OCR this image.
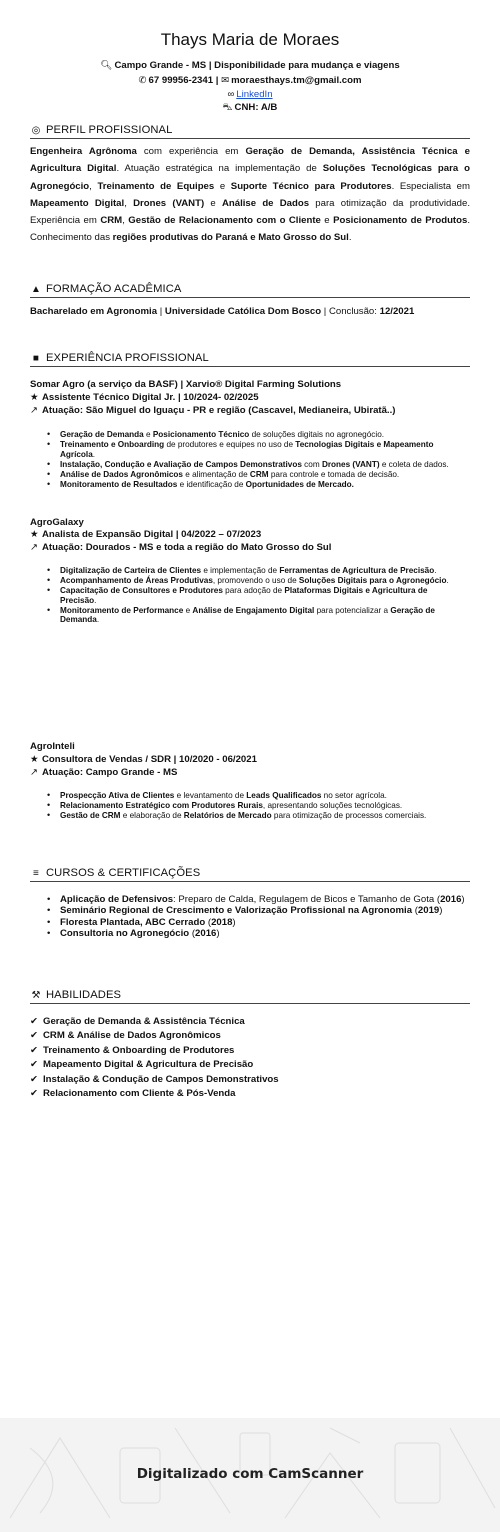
Thays Maria de Moraes
🔍︎ Campo Grande - MS | Disponibilidade para mudança e viagens
✆ 67 99956-2341 | ✉ moraesthays.tm@gmail.com
∞ LinkedIn
⛍ CNH: A/B
◎ PERFIL PROFISSIONAL
Engenheira Agrônoma com experiência em Geração de Demanda, Assistência Técnica e Agricultura Digital. Atuação estratégica na implementação de Soluções Tecnológicas para o Agronegócio, Treinamento de Equipes e Suporte Técnico para Produtores. Especialista em Mapeamento Digital, Drones (VANT) e Análise de Dados para otimização da produtividade. Experiência em CRM, Gestão de Relacionamento com o Cliente e Posicionamento de Produtos. Conhecimento das regiões produtivas do Paraná e Mato Grosso do Sul.
▲ FORMAÇÃO ACADÊMICA
Bacharelado em Agronomia | Universidade Católica Dom Bosco | Conclusão: 12/2021
■ EXPERIÊNCIA PROFISSIONAL
Somar Agro (a serviço da BASF) | Xarvio® Digital Farming Solutions
★ Assistente Técnico Digital Jr. | 10/2024- 02/2025
↗ Atuação: São Miguel do Iguaçu - PR e região (Cascavel, Medianeira, Ubiratã..)
• Geração de Demanda e Posicionamento Técnico de soluções digitais no agronegócio.
• Treinamento e Onboarding de produtores e equipes no uso de Tecnologias Digitais e Mapeamento Agrícola.
• Instalação, Condução e Avaliação de Campos Demonstrativos com Drones (VANT) e coleta de dados.
• Análise de Dados Agronômicos e alimentação de CRM para controle e tomada de decisão.
• Monitoramento de Resultados e identificação de Oportunidades de Mercado.
AgroGalaxy
★ Analista de Expansão Digital | 04/2022 – 07/2023
↗ Atuação: Dourados - MS e toda a região do Mato Grosso do Sul
• Digitalização de Carteira de Clientes e implementação de Ferramentas de Agricultura de Precisão.
• Acompanhamento de Áreas Produtivas, promovendo o uso de Soluções Digitais para o Agronegócio.
• Capacitação de Consultores e Produtores para adoção de Plataformas Digitais e Agricultura de Precisão.
• Monitoramento de Performance e Análise de Engajamento Digital para potencializar a Geração de Demanda.
AgroInteli
★ Consultora de Vendas / SDR | 10/2020 - 06/2021
↗ Atuação: Campo Grande - MS
• Prospecção Ativa de Clientes e levantamento de Leads Qualificados no setor agrícola.
• Relacionamento Estratégico com Produtores Rurais, apresentando soluções tecnológicas.
• Gestão de CRM e elaboração de Relatórios de Mercado para otimização de processos comerciais.
≡ CURSOS & CERTIFICAÇÕES
• Aplicação de Defensivos: Preparo de Calda, Regulagem de Bicos e Tamanho de Gota (2016)
• Seminário Regional de Crescimento e Valorização Profissional na Agronomia (2019)
• Floresta Plantada, ABC Cerrado (2018)
• Consultoria no Agronegócio (2016)
⚒ HABILIDADES
✔ Geração de Demanda & Assistência Técnica
✔ CRM & Análise de Dados Agronômicos
✔ Treinamento & Onboarding de Produtores
✔ Mapeamento Digital & Agricultura de Precisão
✔ Instalação & Condução de Campos Demonstrativos
✔ Relacionamento com Cliente & Pós-Venda
Digitalizado com CamScanner
